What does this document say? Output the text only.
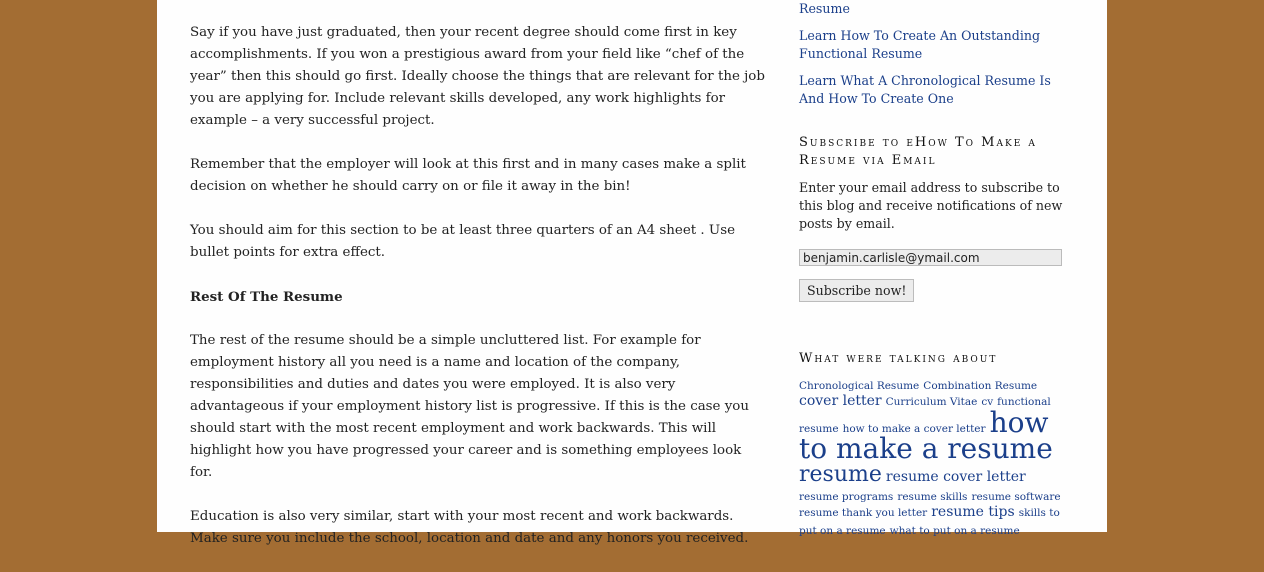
Say if you have just graduated, then your recent degree should come first in key accomplishments. If you won a prestigious award from your field like “chef of the year” then this should go first. Ideally choose the things that are relevant for the job you are applying for. Include relevant skills developed, any work highlights for example – a very successful project.

Remember that the employer will look at this first and in many cases make a split decision on whether he should carry on or file it away in the bin!

You should aim for this section to be at least three quarters of an A4 sheet . Use bullet points for extra effect.

Rest Of The Resume

The rest of the resume should be a simple uncluttered list. For example for employment history all you need is a name and location of the company, responsibilities and duties and dates you were employed. It is also very advantageous if your employment history list is progressive. If this is the case you should start with the most recent employment and work backwards. This will highlight how you have progressed your career and is something employees look for.

Education is also very similar, start with your most recent and work backwards. Make sure you include the school, location and date and any honors you received.

Resume
Learn How To Create An Outstanding Functional Resume
Learn What A Chronological Resume Is And How To Create One
Subscribe to eHow To Make a Resume via Email
Enter your email address to subscribe to this blog and receive notifications of new posts by email.
benjamin.carlisle@ymail.com
Subscribe now!
What were talking about
Chronological Resume Combination Resume cover letter Curriculum Vitae cv functional resume how to make a cover letter how to make a resume resume resume cover letter resume programs resume skills resume software resume thank you letter resume tips skills to put on a resume what to put on a resume
